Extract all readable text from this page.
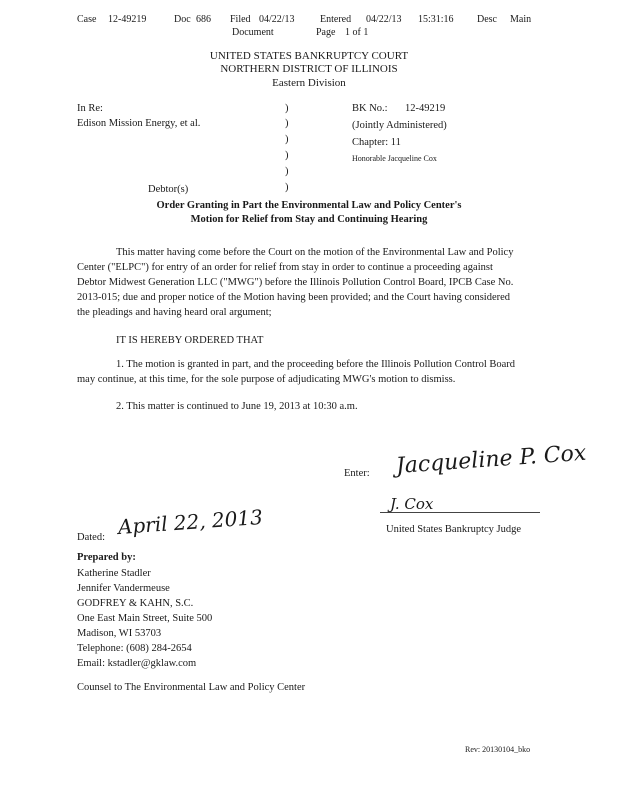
Case 12-49219	Doc 686 Filed 04/22/13	Entered 04/22/13 15:31:16 Desc Main
Document	Page 1 of 1
UNITED STATES BANKRUPTCY COURT
NORTHERN DISTRICT OF ILLINOIS
Eastern Division
In Re:
Edison Mission Energy, et al.
Debtor(s)
)
)
)
)
)
)
BK No.: 12-49219
(Jointly Administered)
Chapter: 11
Honorable Jacqueline Cox
Order Granting in Part the Environmental Law and Policy Center's
Motion for Relief from Stay and Continuing Hearing
This matter having come before the Court on the motion of the Environmental Law and Policy
Center ("ELPC") for entry of an order for relief from stay in order to continue a proceeding against
Debtor Midwest Generation LLC ("MWG") before the Illinois Pollution Control Board, IPCB Case No.
2013-015; due and proper notice of the Motion having been provided; and the Court having considered
the pleadings and having heard oral argument;
IT IS HEREBY ORDERED THAT
1. The motion is granted in part, and the proceeding before the Illinois Pollution Control Board
may continue, at this time, for the sole purpose of adjudicating MWG's motion to dismiss.
2. This matter is continued to June 19, 2013 at 10:30 a.m.
Enter: Jacqueline P. Cox
J. Cox
United States Bankruptcy Judge
Dated: April 22, 2013
Prepared by:
Katherine Stadler
Jennifer Vandermeuse
GODFREY & KAHN, S.C.
One East Main Street, Suite 500
Madison, WI 53703
Telephone: (608) 284-2654
Email: kstadler@gklaw.com
Counsel to The Environmental Law and Policy Center
Rev: 20130104_bko
